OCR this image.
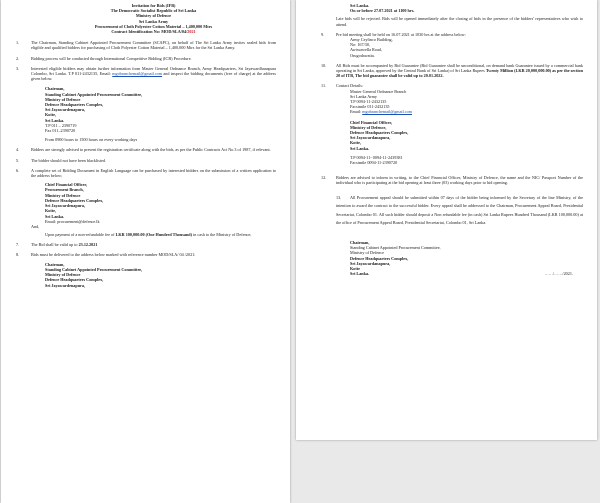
Invitation for Bids (IFB)
The Democratic Socialist Republic of Sri Lanka
Ministry of Defence
Sri Lanka Army
Procurement of Cloth Polyester Cotton Material – 1,400,000 Mtrs
Contract Identification No: MOD/SLA/04/2021
1.	The Chairman, Standing Cabinet Appointed Procurement Committee (SCAPC), on behalf of The Sri Lanka Army invites sealed bids from eligible and qualified bidders for purchasing of Cloth Polyester Cotton Material – 1,400,000 Mtrs for the Sri Lanka Army.
2.	Bidding process will be conducted through International Competitive Bidding (ICB) Procedure.
3.	Interested eligible bidders may obtain further information from Master General Ordnance Branch, Army Headquarters, Sri Jayawardhanapura Colombo, Sri Lanka. T.P 011-2432135, Email: mgobranchemail@gmail.com and inspect the bidding documents (free of charge) at the address given below.
Chairman,
Standing Cabinet Appointed Procurement Committee,
Ministry of Defence
Defence Headquarters Complex,
Sri Jayawardenapura,
Kotte,
Sri Lanka.
T.P 011 – 2390719
Fax 011–2390720
From 0900 hours to 1500 hours on every working days
4.	Bidders are strongly advised to present the registration certificate along with the bids, as per the Public Contracts Act No.3 of 1987, if relevant.
5.	The bidder should not have been blacklisted.
6.	A complete set of Bidding Document in English Language can be purchased by interested bidders on the submission of a written application to the address below;
Chief Financial Officer,
Procurement Branch,
Ministry of Defence
Defence Headquarters Complex,
Sri Jayawardenapura,
Kotte,
Sri Lanka.
Email: procurement@defence.lk
And,
Upon payment of a non-refundable fee of LKR 100,000.00 (One Hundred Thousand) in cash to the Ministry of Defence;
7.	The Bid shall be valid up to 23.12.2021
8.	Bids must be delivered to the address below marked with reference number MOD/SLA/ 04 /2021:
Chairman,
Standing Cabinet Appointed Procurement Committee,
Ministry of Defence
Defence Headquarters Complex,
Sri Jayawardenapura,
Sri Lanka.
On or before 27.07.2021 at 1100 hrs.
Late bids will be rejected. Bids will be opened immediately after the closing of bids in the presence of the bidders' representatives who wish to attend.
9.	Pre bid meeting shall be held on 16.07.2021 at 1030 hrs at the address below:
Army Ceylinco Building,
No: 167/30,
Awissawella Road,
Orugodawatta.
10. All Bids must be accompanied by Bid Guarantee (Bid Guarantee shall be unconditional, on demand bank Guarantee issued by a commercial bank operating in Sri Lanka, approved by the Central Bank of Sri Lanka) of Sri Lanka Rupees Twenty Million (LKR 20,000,000.00) as per the section 20 of ITB, The bid guarantee shall be valid up to 20.01.2022.
11. Contact Details:
Master General Ordnance Branch
Sri Lanka Army
T.P 0094-11-2432135
Facsimile 011-2432135
Email: mgobranchemail@gmail.com
Chief Financial Officer,
Ministry of Defence,
Defence Headquarters Complex,
Sri Jayawardanapura,
Kotte,
Sri Lanka.
T.P 0094-11- 0094-11-2439381
Facsimile 0094-11-2390720
12. Bidders are advised to inform in writing, to the Chief Financial Officer, Ministry of Defence, the name and the NIC/ Passport Number of the individual who is participating at the bid opening at least three (03) working days prior to bid opening.
13. All Procurement appeal should be submitted within 07 days of the bidder being informed by the Secretary of the line Ministry, of the intention to award the contract to the successful bidder. Every appeal shall be addressed to the Chairman, Procurement Appeal Board, Presidential Secretariat, Colombo 01. All such bidder should deposit a Non refundable fee (in cash) Sri Lanka Rupees Hundred Thousand (LKR 100,000.00) at the office of Procurement Appeal Board, Presidential Secretariat, Colombo 01, Sri Lanka.
Chairman,
Standing Cabinet Appointed Procurement Committee,
Ministry of Defence
Defence Headquarters Complex,
Sri Jayawardanapura,
Kotte
Sri Lanka.	……/……/2021.
